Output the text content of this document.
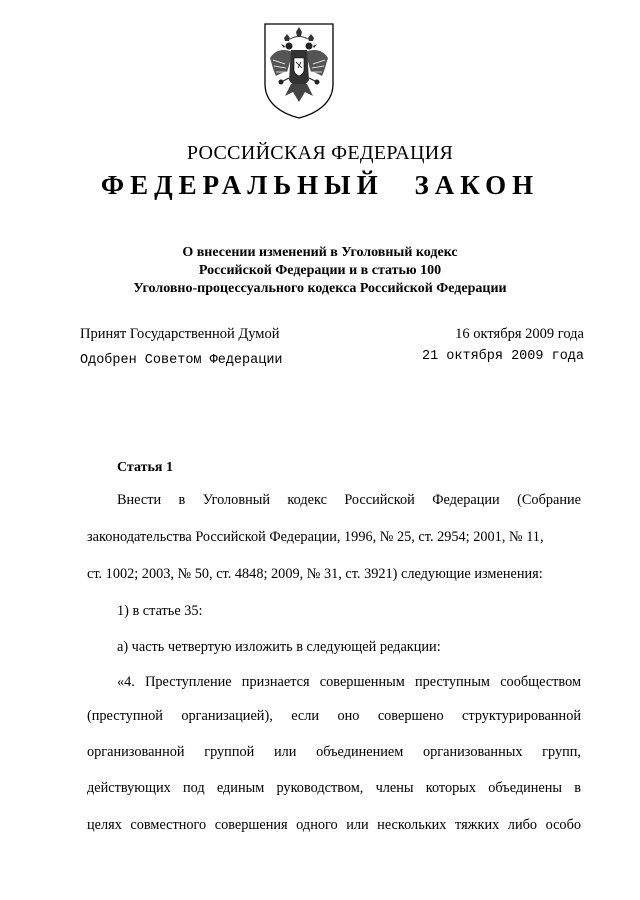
РОССИЙСКАЯ ФЕДЕРАЦИЯ
ФЕДЕРАЛЬНЫЙ ЗАКОН
О внесении изменений в Уголовный кодекс
Российской Федерации и в статью 100
Уголовно-процессуального кодекса Российской Федерации
Принят Государственной Думой	16 октября 2009 года
Одобрен Советом Федерации	21 октября 2009 года
Статья 1
Внести в Уголовный кодекс Российской Федерации (Собрание
законодательства Российской Федерации, 1996, № 25, ст. 2954; 2001, № 11,
ст. 1002; 2003, № 50, ст. 4848; 2009, № 31, ст. 3921) следующие изменения:
1) в статье 35:
а) часть четвертую изложить в следующей редакции:
«4. Преступление признается совершенным преступным сообществом
(преступной организацией), если оно совершено структурированной
организованной группой или объединением организованных групп,
действующих под единым руководством, члены которых объединены в
целях совместного совершения одного или нескольких тяжких либо особо
